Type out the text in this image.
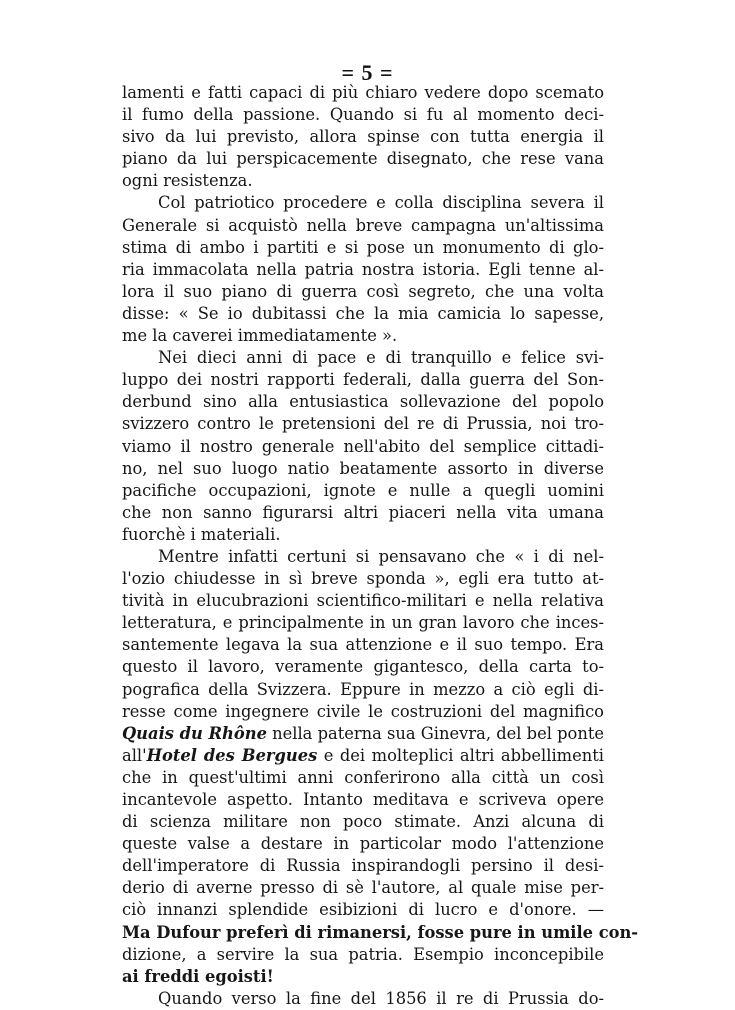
= 5 =
lamenti e fatti capaci di più chiaro vedere dopo scemato
il fumo della passione. Quando si fu al momento deci-
sivo da lui previsto, allora spinse con tutta energia il
piano da lui perspicacemente disegnato, che rese vana
ogni resistenza.
Col patriotico procedere e colla disciplina severa il
Generale si acquistò nella breve campagna un'altissima
stima di ambo i partiti e si pose un monumento di glo-
ria immacolata nella patria nostra istoria. Egli tenne al-
lora il suo piano di guerra così segreto, che una volta
disse: « Se io dubitassi che la mia camicia lo sapesse,
me la caverei immediatamente ».
Nei dieci anni di pace e di tranquillo e felice svi-
luppo dei nostri rapporti federali, dalla guerra del Son-
derbund sino alla entusiastica sollevazione del popolo
svizzero contro le pretensioni del re di Prussia, noi tro-
viamo il nostro generale nell'abito del semplice cittadi-
no, nel suo luogo natio beatamente assorto in diverse
pacifiche occupazioni, ignote e nulle a quegli uomini
che non sanno figurarsi altri piaceri nella vita umana
fuorchè i materiali.
Mentre infatti certuni si pensavano che « i di nel-
l'ozio chiudesse in sì breve sponda », egli era tutto at-
tività in elucubrazioni scientifico-militari e nella relativa
letteratura, e principalmente in un gran lavoro che inces-
santemente legava la sua attenzione e il suo tempo. Era
questo il lavoro, veramente gigantesco, della carta to-
pografica della Svizzera. Eppure in mezzo a ciò egli di-
resse come ingegnere civile le costruzioni del magnifico
Quais du Rhône nella paterna sua Ginevra, del bel ponte
all'Hotel des Bergues e dei molteplici altri abbellimenti
che in quest'ultimi anni conferirono alla città un così
incantevole aspetto. Intanto meditava e scriveva opere
di scienza militare non poco stimate. Anzi alcuna di
queste valse a destare in particolar modo l'attenzione
dell'imperatore di Russia inspirandogli persino il desi-
derio di averne presso di sè l'autore, al quale mise per-
ciò innanzi splendide esibizioni di lucro e d'onore. —
Ma Dufour preferì di rimanersi, fosse pure in umile con-
dizione, a servire la sua patria. Esempio inconcepibile
ai freddi egoisti!
Quando verso la fine del 1856 il re di Prussia do-
